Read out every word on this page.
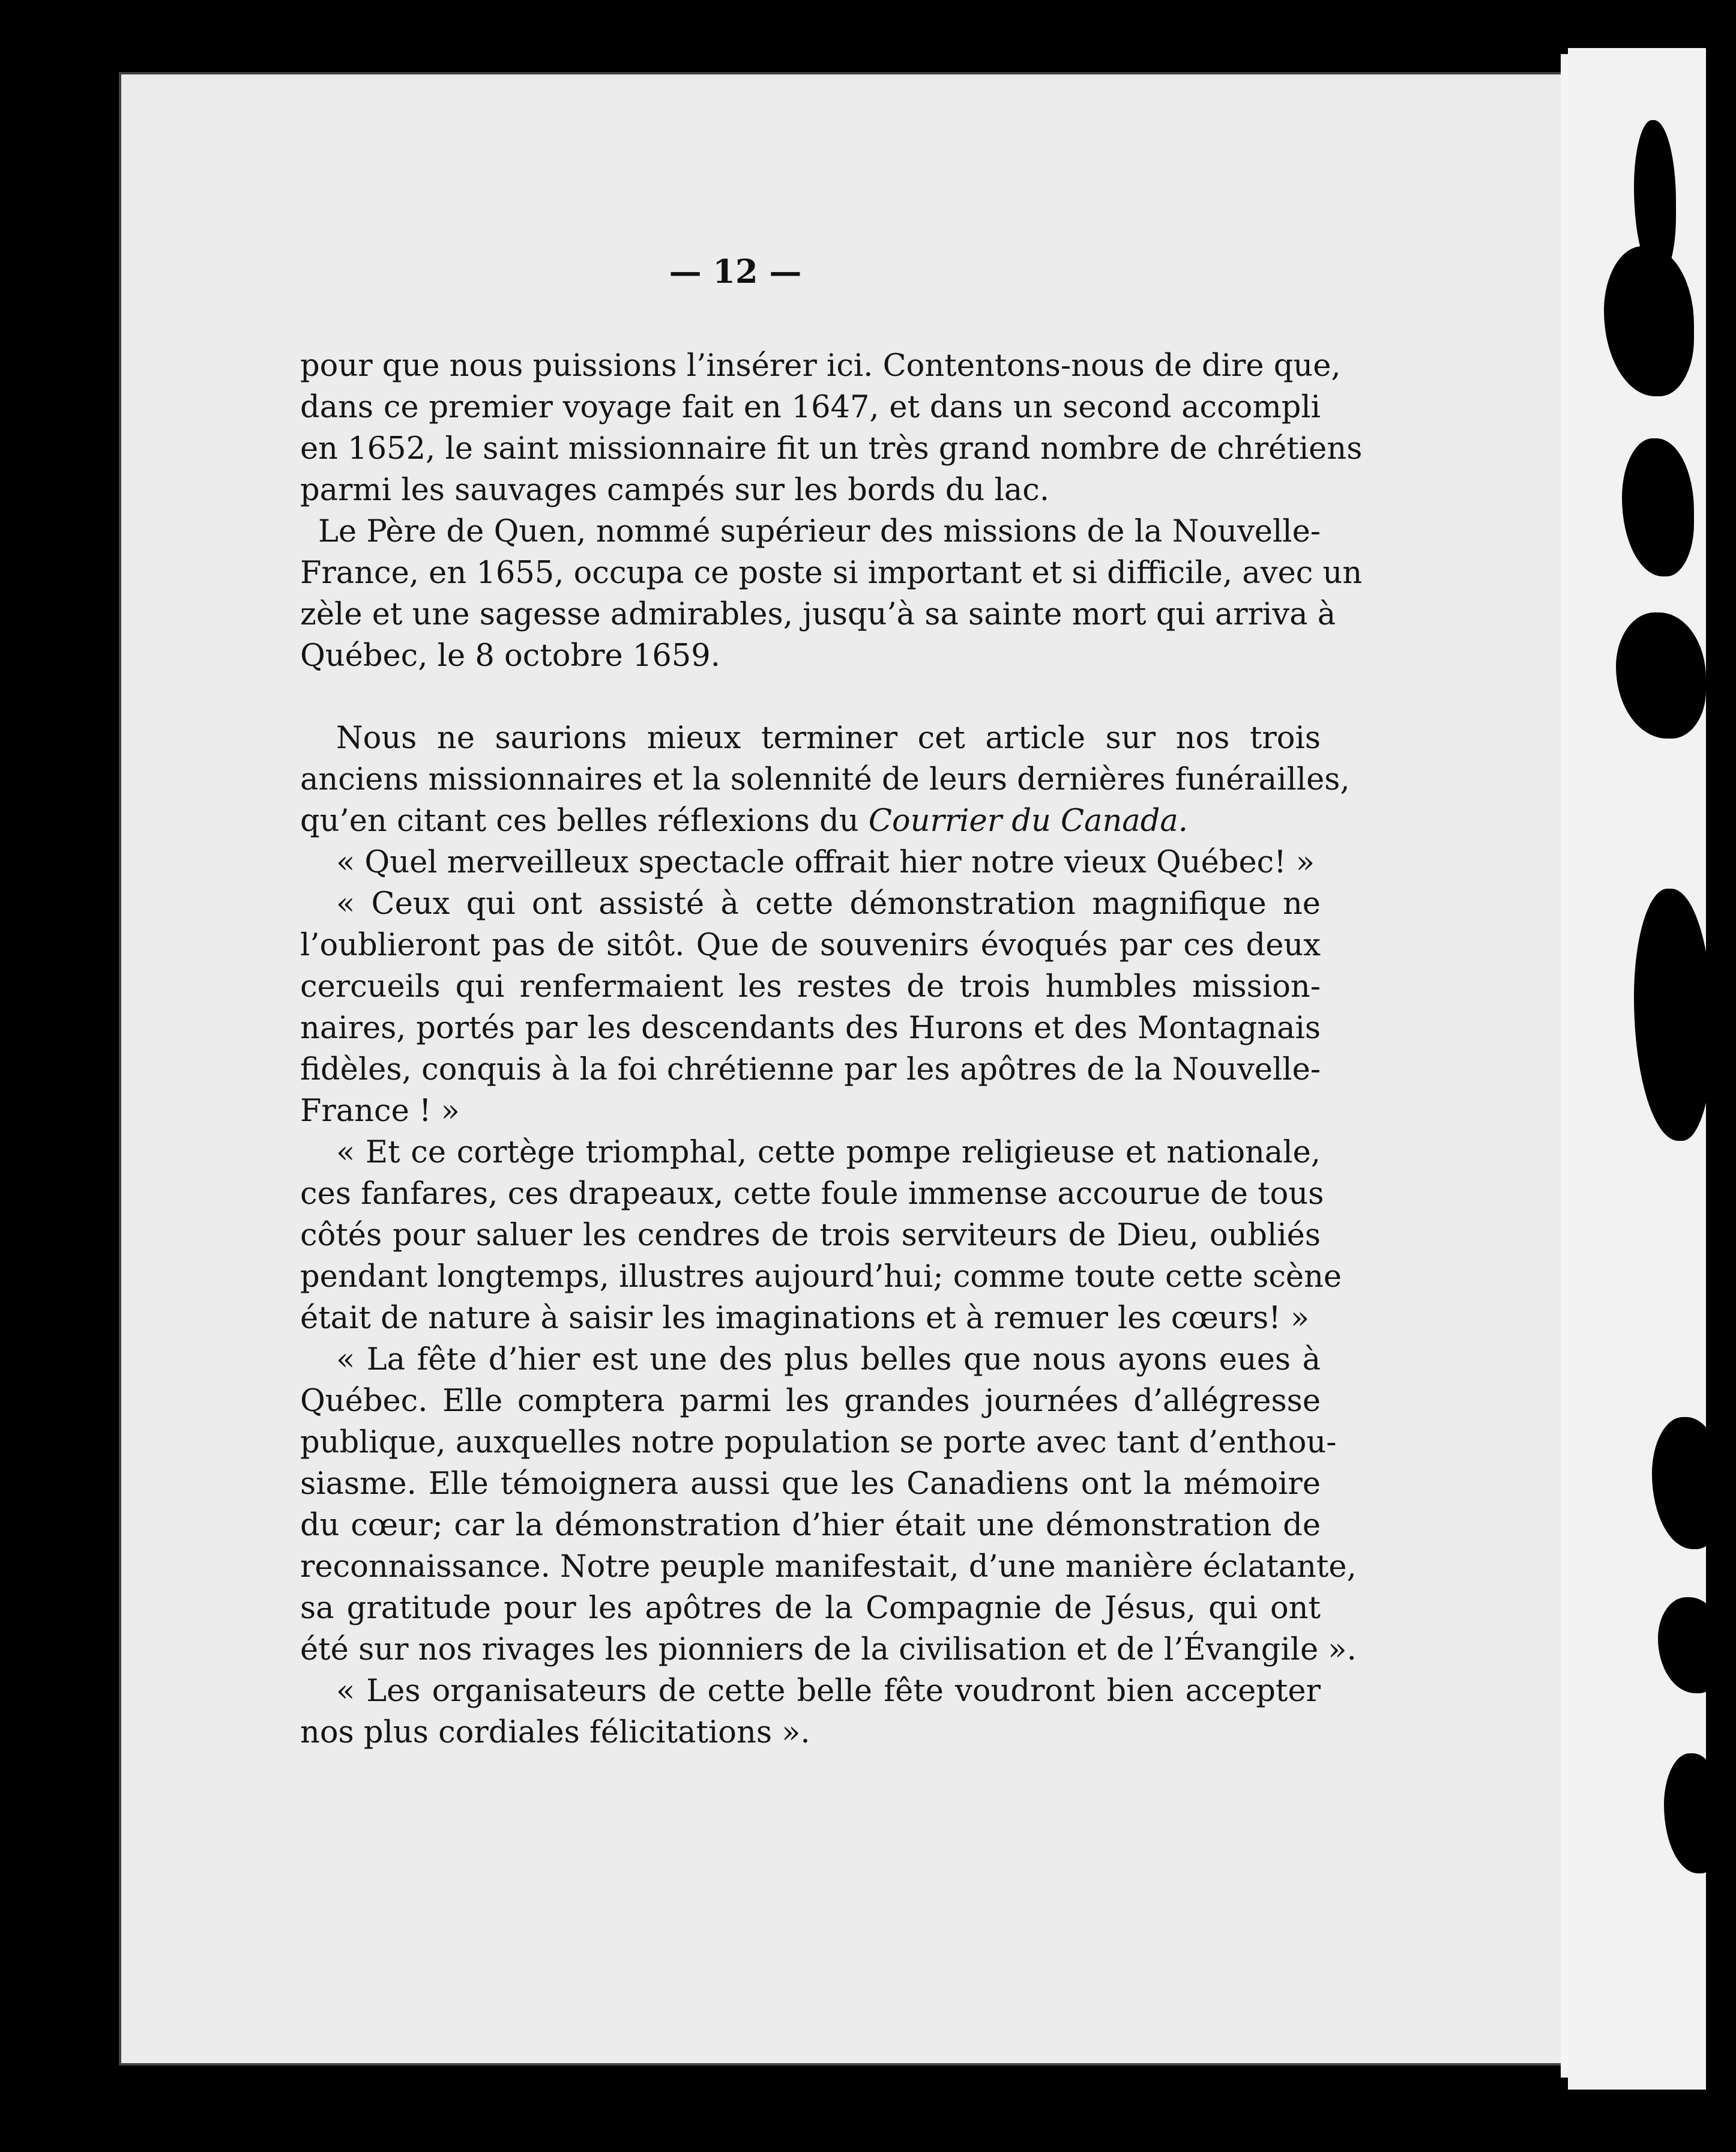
— 12 —
pour que nous puissions l’insérer ici. Contentons-nous de dire que,
dans ce premier voyage fait en 1647, et dans un second accompli
en 1652, le saint missionnaire fit un très grand nombre de chrétiens
parmi les sauvages campés sur les bords du lac.
Le Père de Quen, nommé supérieur des missions de la Nouvelle-
France, en 1655, occupa ce poste si important et si difficile, avec un
zèle et une sagesse admirables, jusqu’à sa sainte mort qui arriva à
Québec, le 8 octobre 1659.
Nous ne saurions mieux terminer cet article sur nos trois
anciens missionnaires et la solennité de leurs dernières funérailles,
qu’en citant ces belles réflexions du Courrier du Canada.
« Quel merveilleux spectacle offrait hier notre vieux Québec! »
« Ceux qui ont assisté à cette démonstration magnifique ne
l’oublieront pas de sitôt. Que de souvenirs évoqués par ces deux
cercueils qui renfermaient les restes de trois humbles mission-
naires, portés par les descendants des Hurons et des Montagnais
fidèles, conquis à la foi chrétienne par les apôtres de la Nouvelle-
France ! »
« Et ce cortège triomphal, cette pompe religieuse et nationale,
ces fanfares, ces drapeaux, cette foule immense accourue de tous
côtés pour saluer les cendres de trois serviteurs de Dieu, oubliés
pendant longtemps, illustres aujourd’hui; comme toute cette scène
était de nature à saisir les imaginations et à remuer les cœurs! »
« La fête d’hier est une des plus belles que nous ayons eues à
Québec. Elle comptera parmi les grandes journées d’allégresse
publique, auxquelles notre population se porte avec tant d’enthou-
siasme. Elle témoignera aussi que les Canadiens ont la mémoire
du cœur; car la démonstration d’hier était une démonstration de
reconnaissance. Notre peuple manifestait, d’une manière éclatante,
sa gratitude pour les apôtres de la Compagnie de Jésus, qui ont
été sur nos rivages les pionniers de la civilisation et de l’Évangile ».
« Les organisateurs de cette belle fête voudront bien accepter
nos plus cordiales félicitations ».
